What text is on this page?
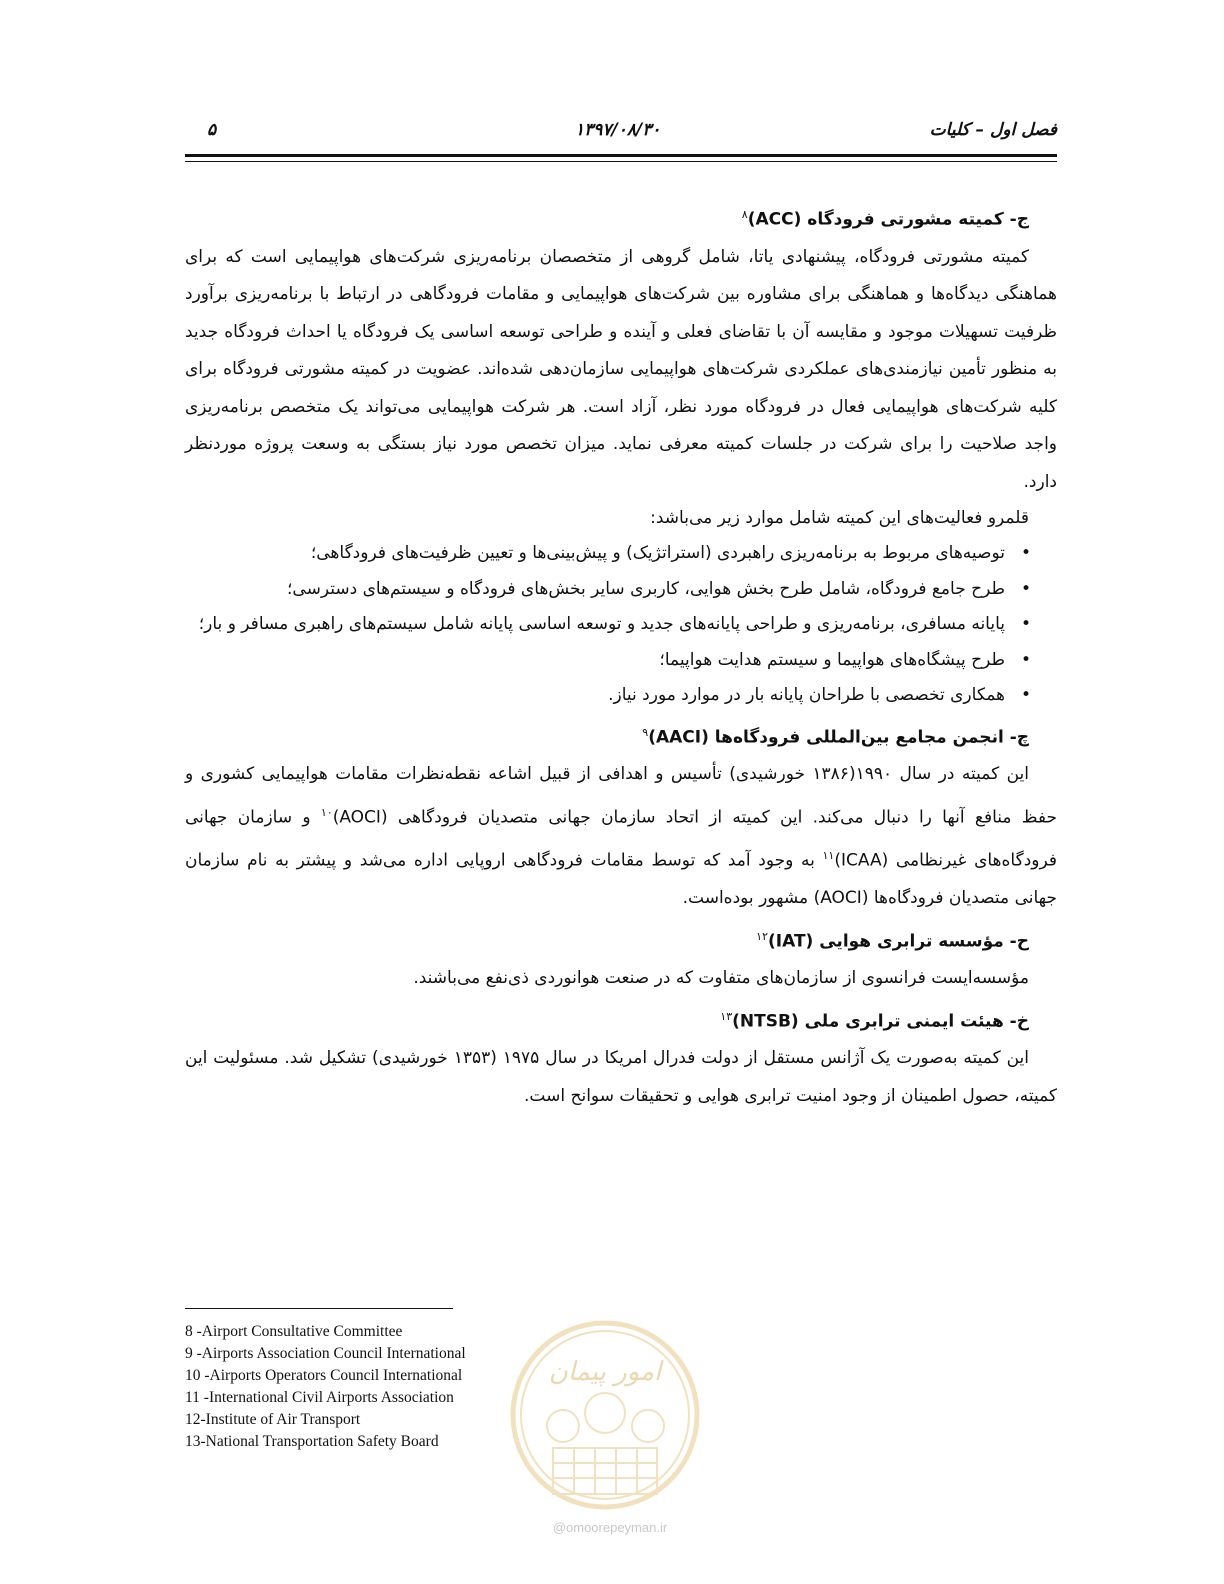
فصل اول – کلیات
۱۳۹۷/۰۸/۳۰
۵
ج- کمیته مشورتی فرودگاه (ACC)$^۸$

کمیته مشورتی فرودگاه، پیشنهادی یاتا، شامل گروهی از متخصصان برنامه‌ریزی شرکت‌های هواپیمایی است که برای هماهنگی دیدگاه‌ها و هماهنگی برای مشاوره بین شرکت‌های هواپیمایی و مقامات فرودگاهی در ارتباط با برنامه‌ریزی برآورد ظرفیت تسهیلات موجود و مقایسه آن با تقاضای فعلی و آینده و طراحی توسعه اساسی یک فرودگاه یا احداث فرودگاه جدید به منظور تأمین نیازمندی‌های عملکردی شرکت‌های هواپیمایی سازمان‌دهی شده‌اند. عضویت در کمیته مشورتی فرودگاه برای کلیه شرکت‌های هواپیمایی فعال در فرودگاه مورد نظر، آزاد است. هر شرکت هواپیمایی می‌تواند یک متخصص برنامه‌ریزی واجد صلاحیت را برای شرکت در جلسات کمیته معرفی نماید. میزان تخصص مورد نیاز بستگی به وسعت پروژه موردنظر دارد.

قلمرو فعالیت‌های این کمیته شامل موارد زیر می‌باشد:

• توصیه‌های مربوط به برنامه‌ریزی راهبردی (استراتژیک) و پیش‌بینی‌ها و تعیین ظرفیت‌های فرودگاهی؛
• طرح جامع فرودگاه، شامل طرح بخش هوایی، کاربری سایر بخش‌های فرودگاه و سیستم‌های دسترسی؛
• پایانه مسافری، برنامه‌ریزی و طراحی پایانه‌های جدید و توسعه اساسی پایانه شامل سیستم‌های راهبری مسافر و بار؛
• طرح پیشگاه‌های هواپیما و سیستم هدایت هواپیما؛
• همکاری تخصصی با طراحان پایانه بار در موارد مورد نیاز.
چ- انجمن مجامع بین‌المللی فرودگاه‌ها (AACI)$^۹$

این کمیته در سال ۱۹۹۰(۱۳۸۶ خورشیدی) تأسیس و اهدافی از قبیل اشاعه نقطه‌نظرات مقامات هواپیمایی کشوری و حفظ منافع آنها را دنبال می‌کند. این کمیته از اتحاد سازمان جهانی متصدیان فرودگاهی (AOCI)$^{۱۰}$ و سازمان جهانی فرودگاه‌های غیرنظامی (ICAA)$^{۱۱}$ به وجود آمد که توسط مقامات فرودگاهی اروپایی اداره می‌شد و پیشتر به نام سازمان جهانی متصدیان فرودگاه‌ها (AOCI) مشهور بوده‌است.

ح- مؤسسه ترابری هوایی (IAT)$^{۱۲}$

مؤسسه‌ایست فرانسوی از سازمان‌های متفاوت که در صنعت هوانوردی ذی‌نفع می‌باشند.

خ- هیئت ایمنی ترابری ملی (NTSB)$^{۱۳}$

این کمیته به‌صورت یک آژانس مستقل از دولت فدرال امریکا در سال ۱۹۷۵ (۱۳۵۳ خورشیدی) تشکیل شد. مسئولیت این کمیته، حصول اطمینان از وجود امنیت ترابری هوایی و تحقیقات سوانح است.

8 -Airport Consultative Committee
9 -Airports Association Council International
10 -Airports Operators Council International
11 -International Civil Airports Association
12-Institute of Air Transport
13-National Transportation Safety Board
امور پیمان
@omoorepeyman.ir
